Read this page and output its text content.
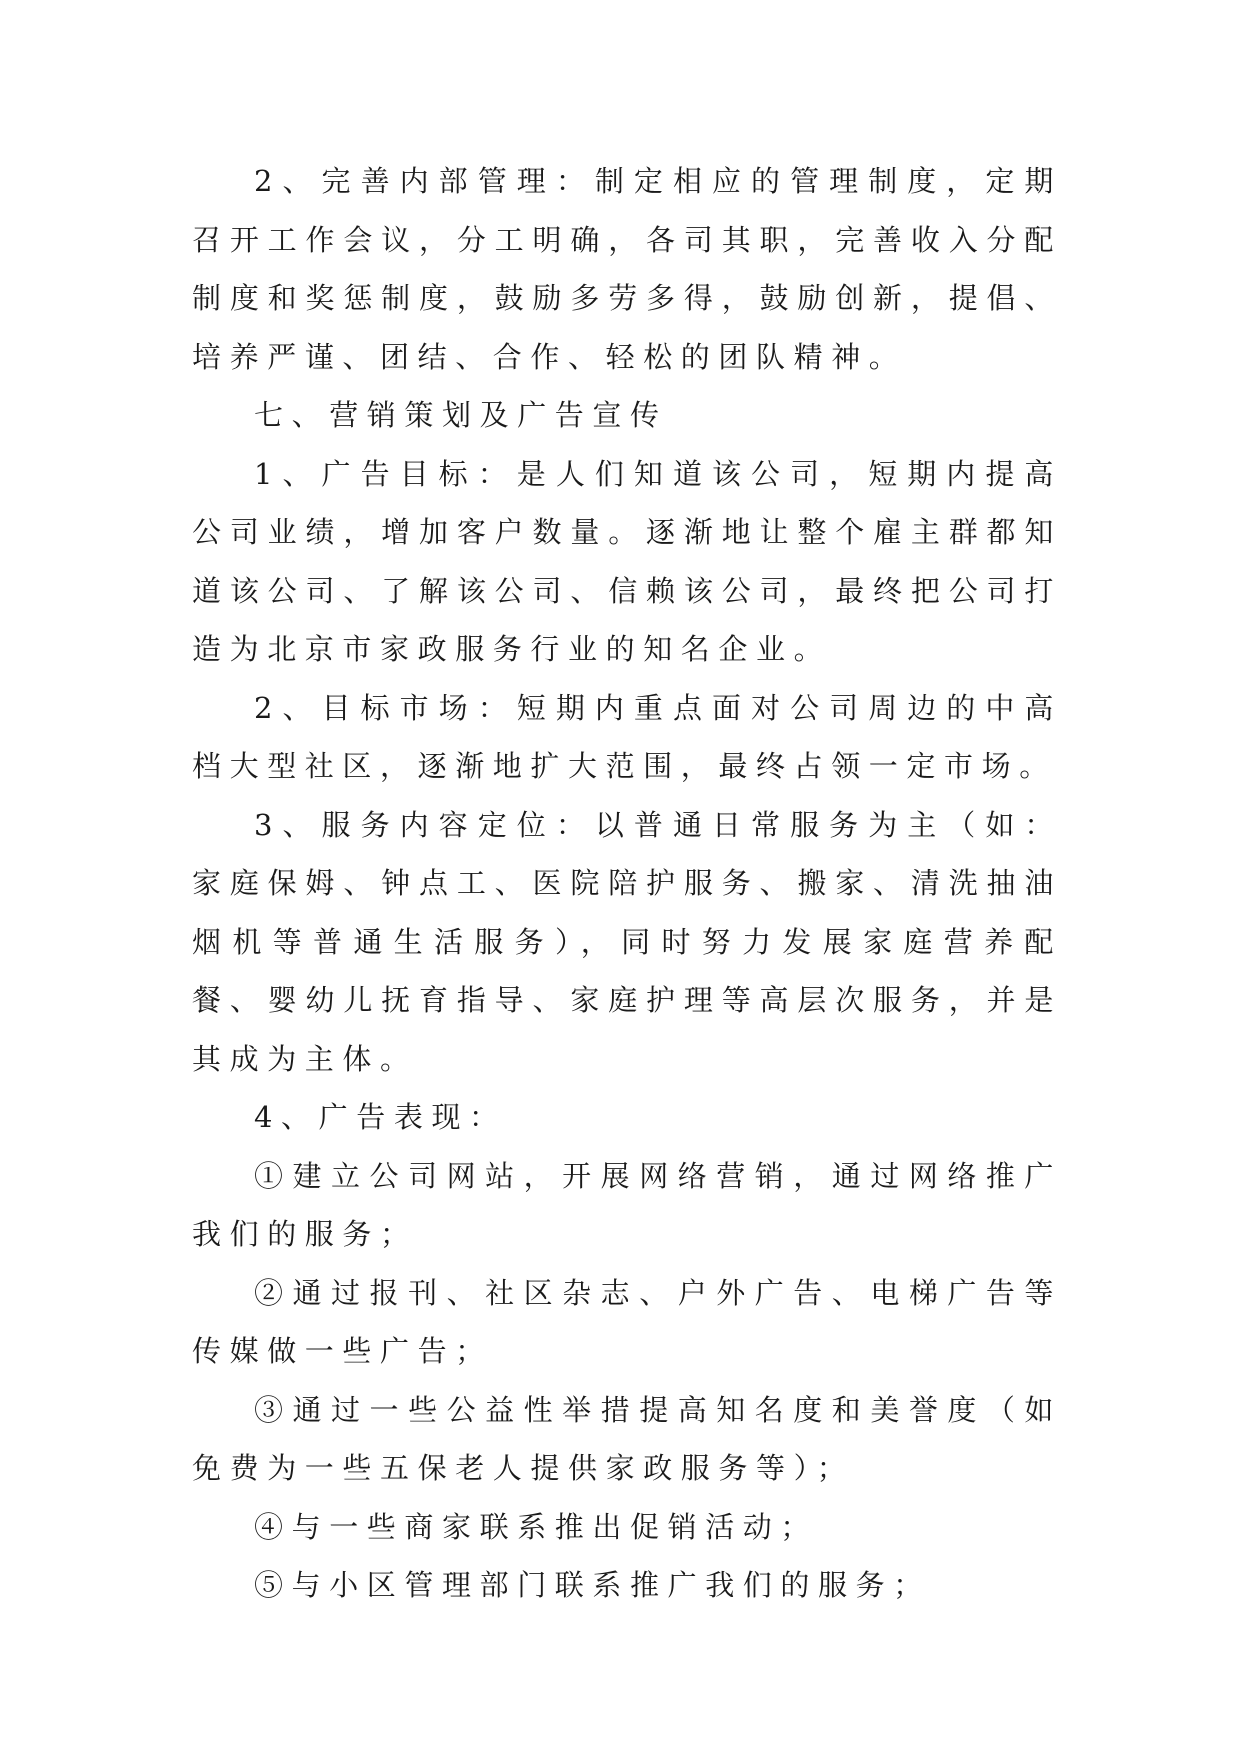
2、完善内部管理：制定相应的管理制度，定期召开工作会议，分工明确，各司其职，完善收入分配制度和奖惩制度，鼓励多劳多得，鼓励创新，提倡、培养严谨、团结、合作、轻松的团队精神。

七、营销策划及广告宣传

1、广告目标：是人们知道该公司，短期内提高公司业绩，增加客户数量。逐渐地让整个雇主群都知道该公司、了解该公司、信赖该公司，最终把公司打造为北京市家政服务行业的知名企业。

2、目标市场：短期内重点面对公司周边的中高档大型社区，逐渐地扩大范围，最终占领一定市场。

3、服务内容定位：以普通日常服务为主（如：家庭保姆、钟点工、医院陪护服务、搬家、清洗抽油烟机等普通生活服务），同时努力发展家庭营养配餐、婴幼儿抚育指导、家庭护理等高层次服务，并是其成为主体。

4、广告表现：

①建立公司网站，开展网络营销，通过网络推广我们的服务；

②通过报刊、社区杂志、户外广告、电梯广告等传媒做一些广告；

③通过一些公益性举措提高知名度和美誉度（如免费为一些五保老人提供家政服务等）；

④与一些商家联系推出促销活动；

⑤与小区管理部门联系推广我们的服务；
